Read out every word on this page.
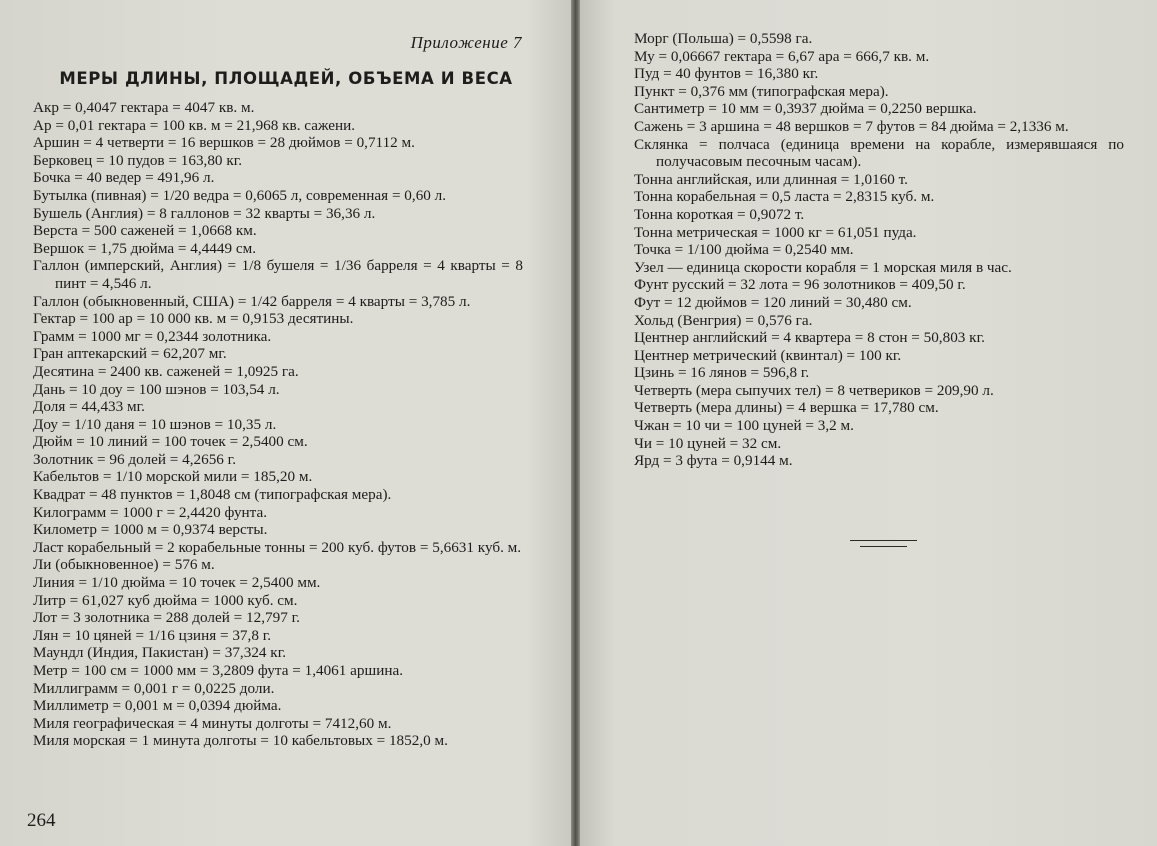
Приложение 7
МЕРЫ ДЛИНЫ, ПЛОЩАДЕЙ, ОБЪЕМА И ВЕСА
Акр = 0,4047 гектара = 4047 кв. м.
Ар = 0,01 гектара = 100 кв. м = 21,968 кв. сажени.
Аршин = 4 четверти = 16 вершков = 28 дюймов = 0,7112 м.
Берковец = 10 пудов = 163,80 кг.
Бочка = 40 ведер = 491,96 л.
Бутылка (пивная) = 1/20 ведра = 0,6065 л, современная = 0,60 л.
Бушель (Англия) = 8 галлонов = 32 кварты = 36,36 л.
Верста = 500 саженей = 1,0668 км.
Вершок = 1,75 дюйма = 4,4449 см.
Галлон (имперский, Англия) = 1/8 бушеля = 1/36 барреля = 4 кварты = 8 пинт = 4,546 л.
Галлон (обыкновенный, США) = 1/42 барреля = 4 кварты = 3,785 л.
Гектар = 100 ар = 10 000 кв. м = 0,9153 десятины.
Грамм = 1000 мг = 0,2344 золотника.
Гран аптекарский = 62,207 мг.
Десятина = 2400 кв. саженей = 1,0925 га.
Дань = 10 доу = 100 шэнов = 103,54 л.
Доля = 44,433 мг.
Доу = 1/10 даня = 10 шэнов = 10,35 л.
Дюйм = 10 линий = 100 точек = 2,5400 см.
Золотник = 96 долей = 4,2656 г.
Кабельтов = 1/10 морской мили = 185,20 м.
Квадрат = 48 пунктов = 1,8048 см (типографская мера).
Килограмм = 1000 г = 2,4420 фунта.
Километр = 1000 м = 0,9374 версты.
Ласт корабельный = 2 корабельные тонны = 200 куб. футов = 5,6631 куб. м.
Ли (обыкновенное) = 576 м.
Линия = 1/10 дюйма = 10 точек = 2,5400 мм.
Литр = 61,027 куб дюйма = 1000 куб. см.
Лот = 3 золотника = 288 долей = 12,797 г.
Лян = 10 цяней = 1/16 цзиня = 37,8 г.
Маундл (Индия, Пакистан) = 37,324 кг.
Метр = 100 см = 1000 мм = 3,2809 фута = 1,4061 аршина.
Миллиграмм = 0,001 г = 0,0225 доли.
Миллиметр = 0,001 м = 0,0394 дюйма.
Миля географическая = 4 минуты долготы = 7412,60 м.
Миля морская = 1 минута долготы = 10 кабельтовых = 1852,0 м.
264
Морг (Польша) = 0,5598 га.
Му = 0,06667 гектара = 6,67 ара = 666,7 кв. м.
Пуд = 40 фунтов = 16,380 кг.
Пункт = 0,376 мм (типографская мера).
Сантиметр = 10 мм = 0,3937 дюйма = 0,2250 вершка.
Сажень = 3 аршина = 48 вершков = 7 футов = 84 дюйма = 2,1336 м.
Склянка = полчаса (единица времени на корабле, измерявшаяся по получасовым песочным часам).
Тонна английская, или длинная = 1,0160 т.
Тонна корабельная = 0,5 ласта = 2,8315 куб. м.
Тонна короткая = 0,9072 т.
Тонна метрическая = 1000 кг = 61,051 пуда.
Точка = 1/100 дюйма = 0,2540 мм.
Узел — единица скорости корабля = 1 морская миля в час.
Фунт русский = 32 лота = 96 золотников = 409,50 г.
Фут = 12 дюймов = 120 линий = 30,480 см.
Хольд (Венгрия) = 0,576 га.
Центнер английский = 4 квартера = 8 стон = 50,803 кг.
Центнер метрический (квинтал) = 100 кг.
Цзинь = 16 лянов = 596,8 г.
Четверть (мера сыпучих тел) = 8 четвериков = 209,90 л.
Четверть (мера длины) = 4 вершка = 17,780 см.
Чжан = 10 чи = 100 цуней = 3,2 м.
Чи = 10 цуней = 32 см.
Ярд = 3 фута = 0,9144 м.
